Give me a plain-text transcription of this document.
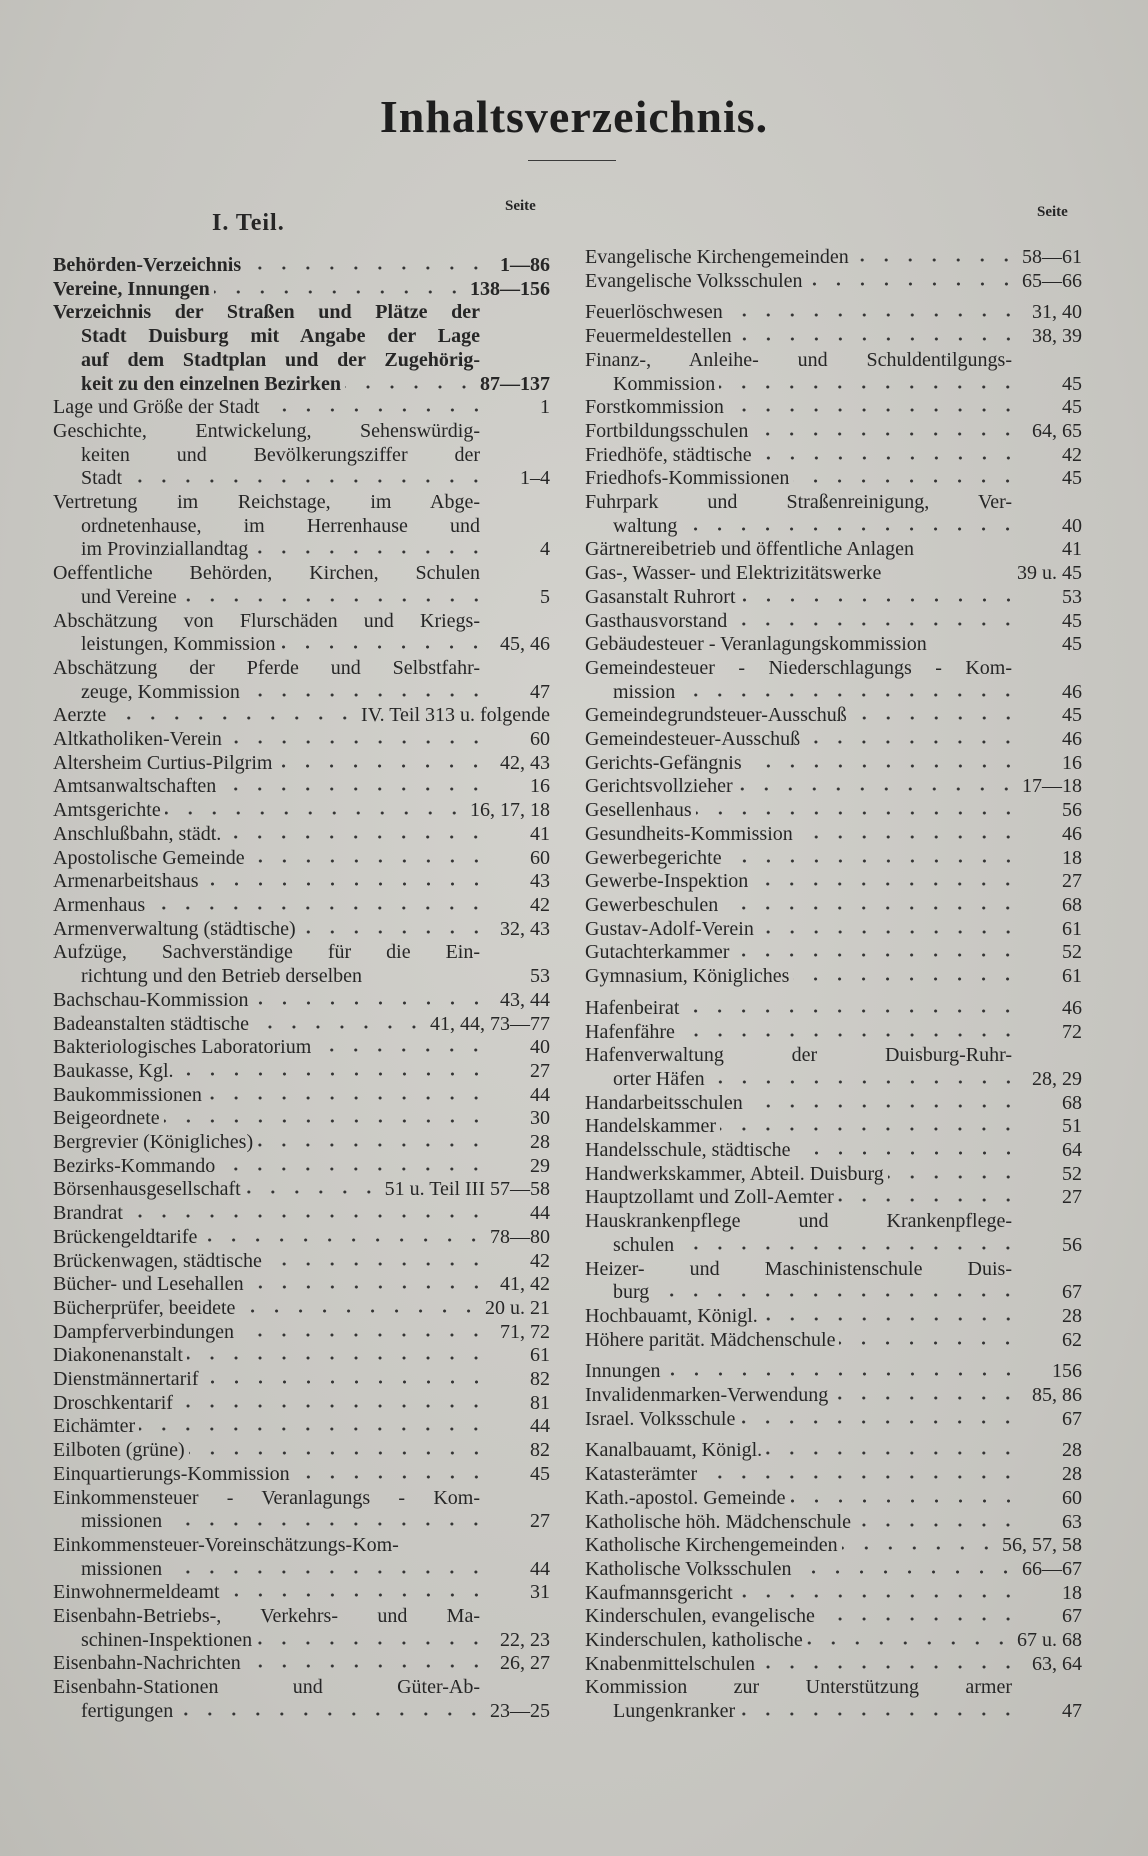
Inhaltsverzeichnis.
I. Teil.
Seite	Seite
Behörden-Verzeichnis	1—86
Vereine, Innungen	138—156
Verzeichnis der Straßen und Plätze der
Stadt Duisburg mit Angabe der Lage
auf dem Stadtplan und der Zugehörig-
keit zu den einzelnen Bezirken	87—137
Lage und Größe der Stadt	1
Geschichte, Entwickelung, Sehenswürdig-
keiten und Bevölkerungsziffer der
Stadt	1–4
Vertretung im Reichstage, im Abge-
ordnetenhause, im Herrenhause und
im Provinziallandtag	4
Oeffentliche Behörden, Kirchen, Schulen
und Vereine	5
Abschätzung von Flurschäden und Kriegs-
leistungen, Kommission	45, 46
Abschätzung der Pferde und Selbstfahr-
zeuge, Kommission	47
Aerzte	IV. Teil 313 u. folgende
Altkatholiken-Verein	60
Altersheim Curtius-Pilgrim	42, 43
Amtsanwaltschaften	16
Amtsgerichte	16, 17, 18
Anschlußbahn, städt.	41
Apostolische Gemeinde	60
Armenarbeitshaus	43
Armenhaus	42
Armenverwaltung (städtische)	32, 43
Aufzüge, Sachverständige für die Ein-
richtung und den Betrieb derselben	53
Bachschau-Kommission	43, 44
Badeanstalten städtische	41, 44, 73—77
Bakteriologisches Laboratorium	40
Baukasse, Kgl.	27
Baukommissionen	44
Beigeordnete	30
Bergrevier (Königliches)	28
Bezirks-Kommando	29
Börsenhausgesellschaft	51 u. Teil III 57—58
Brandrat	44
Brückengeldtarife	78—80
Brückenwagen, städtische	42
Bücher- und Lesehallen	41, 42
Bücherprüfer, beeidete	20 u. 21
Dampferverbindungen	71, 72
Diakonenanstalt	61
Dienstmännertarif	82
Droschkentarif	81
Eichämter	44
Eilboten (grüne)	82
Einquartierungs-Kommission	45
Einkommensteuer - Veranlagungs - Kom-
missionen	27
Einkommensteuer-Voreinschätzungs-Kom-
missionen	44
Einwohnermeldeamt	31
Eisenbahn-Betriebs-, Verkehrs- und Ma-
schinen-Inspektionen	22, 23
Eisenbahn-Nachrichten	26, 27
Eisenbahn-Stationen und Güter-Ab-
fertigungen	23—25
Evangelische Kirchengemeinden	58—61
Evangelische Volksschulen	65—66
Feuerlöschwesen	31, 40
Feuermeldestellen	38, 39
Finanz-, Anleihe- und Schuldentilgungs-
Kommission	45
Forstkommission	45
Fortbildungsschulen	64, 65
Friedhöfe, städtische	42
Friedhofs-Kommissionen	45
Fuhrpark und Straßenreinigung, Ver-
waltung	40
Gärtnereibetrieb und öffentliche Anlagen	41
Gas-, Wasser- und Elektrizitätswerke	39 u. 45
Gasanstalt Ruhrort	53
Gasthausvorstand	45
Gebäudesteuer - Veranlagungskommission	45
Gemeindesteuer - Niederschlagungs - Kom-
mission	46
Gemeindegrundsteuer-Ausschuß	45
Gemeindesteuer-Ausschuß	46
Gerichts-Gefängnis	16
Gerichtsvollzieher	17—18
Gesellenhaus	56
Gesundheits-Kommission	46
Gewerbegerichte	18
Gewerbe-Inspektion	27
Gewerbeschulen	68
Gustav-Adolf-Verein	61
Gutachterkammer	52
Gymnasium, Königliches	61
Hafenbeirat	46
Hafenfähre	72
Hafenverwaltung der Duisburg-Ruhr-
orter Häfen	28, 29
Handarbeitsschulen	68
Handelskammer	51
Handelsschule, städtische	64
Handwerkskammer, Abteil. Duisburg	52
Hauptzollamt und Zoll-Aemter	27
Hauskrankenpflege und Krankenpflege-
schulen	56
Heizer- und Maschinistenschule Duis-
burg	67
Hochbauamt, Königl.	28
Höhere parität. Mädchenschule	62
Innungen	156
Invalidenmarken-Verwendung	85, 86
Israel. Volksschule	67
Kanalbauamt, Königl.	28
Katasterämter	28
Kath.-apostol. Gemeinde	60
Katholische höh. Mädchenschule	63
Katholische Kirchengemeinden	56, 57, 58
Katholische Volksschulen	66—67
Kaufmannsgericht	18
Kinderschulen, evangelische	67
Kinderschulen, katholische	67 u. 68
Knabenmittelschulen	63, 64
Kommission zur Unterstützung armer
Lungenkranker	47
